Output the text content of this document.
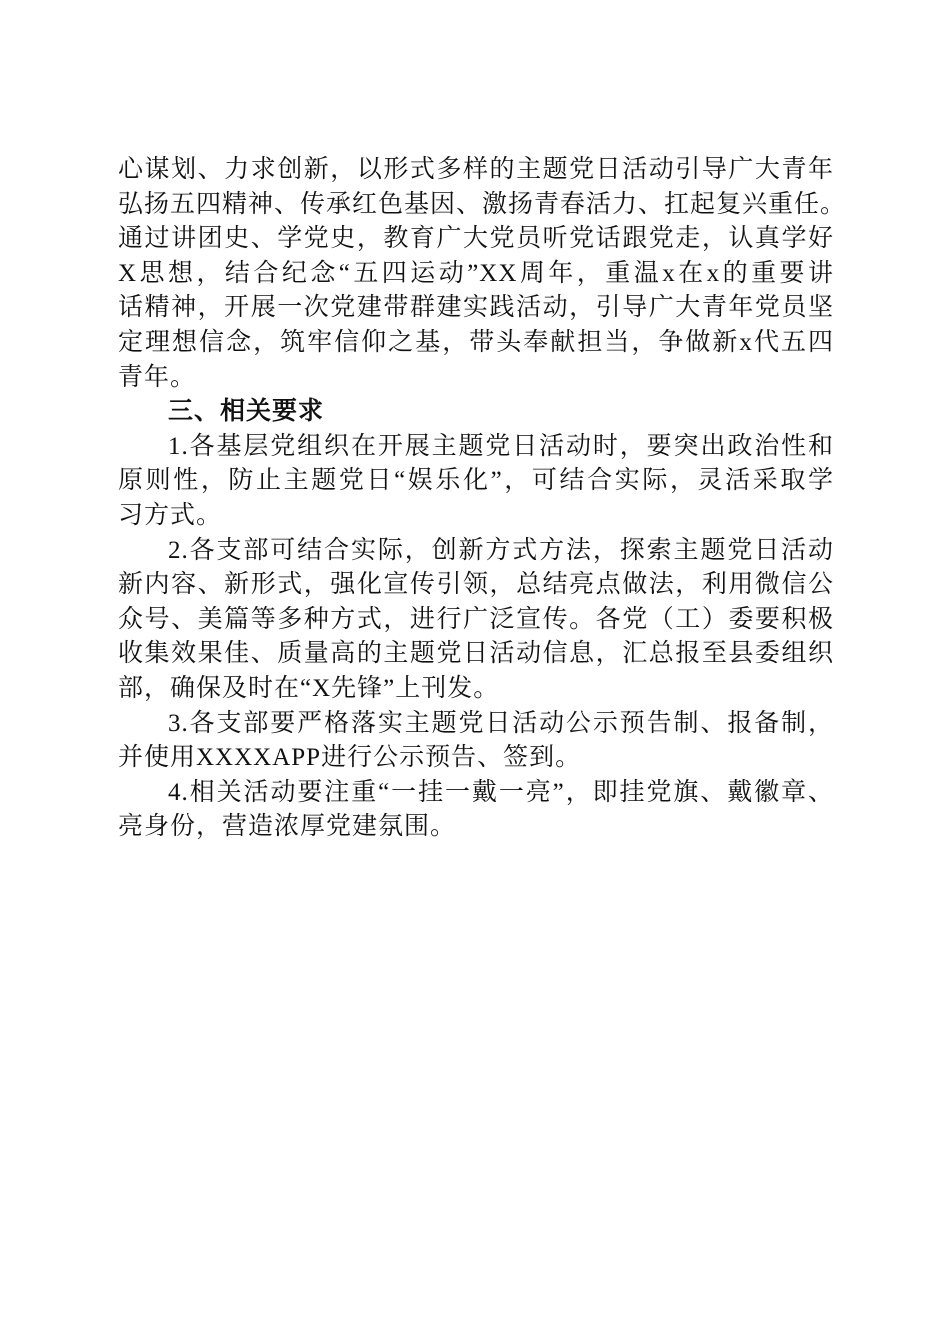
心谋划、力求创新，以形式多样的主题党日活动引导广大青年
弘扬五四精神、传承红色基因、激扬青春活力、扛起复兴重任。
通过讲团史、学党史，教育广大党员听党话跟党走，认真学好
X思想，结合纪念“五四运动”XX周年，重温x在x的重要讲
话精神，开展一次党建带群建实践活动，引导广大青年党员坚
定理想信念，筑牢信仰之基，带头奉献担当，争做新x代五四
青年。
三、相关要求
1.各基层党组织在开展主题党日活动时，要突出政治性和
原则性，防止主题党日“娱乐化”，可结合实际，灵活采取学
习方式。
2.各支部可结合实际，创新方式方法，探索主题党日活动
新内容、新形式，强化宣传引领，总结亮点做法，利用微信公
众号、美篇等多种方式，进行广泛宣传。各党（工）委要积极
收集效果佳、质量高的主题党日活动信息，汇总报至县委组织
部，确保及时在“X先锋”上刊发。
3.各支部要严格落实主题党日活动公示预告制、报备制，
并使用XXXXAPP进行公示预告、签到。
4.相关活动要注重“一挂一戴一亮”，即挂党旗、戴徽章、
亮身份，营造浓厚党建氛围。
